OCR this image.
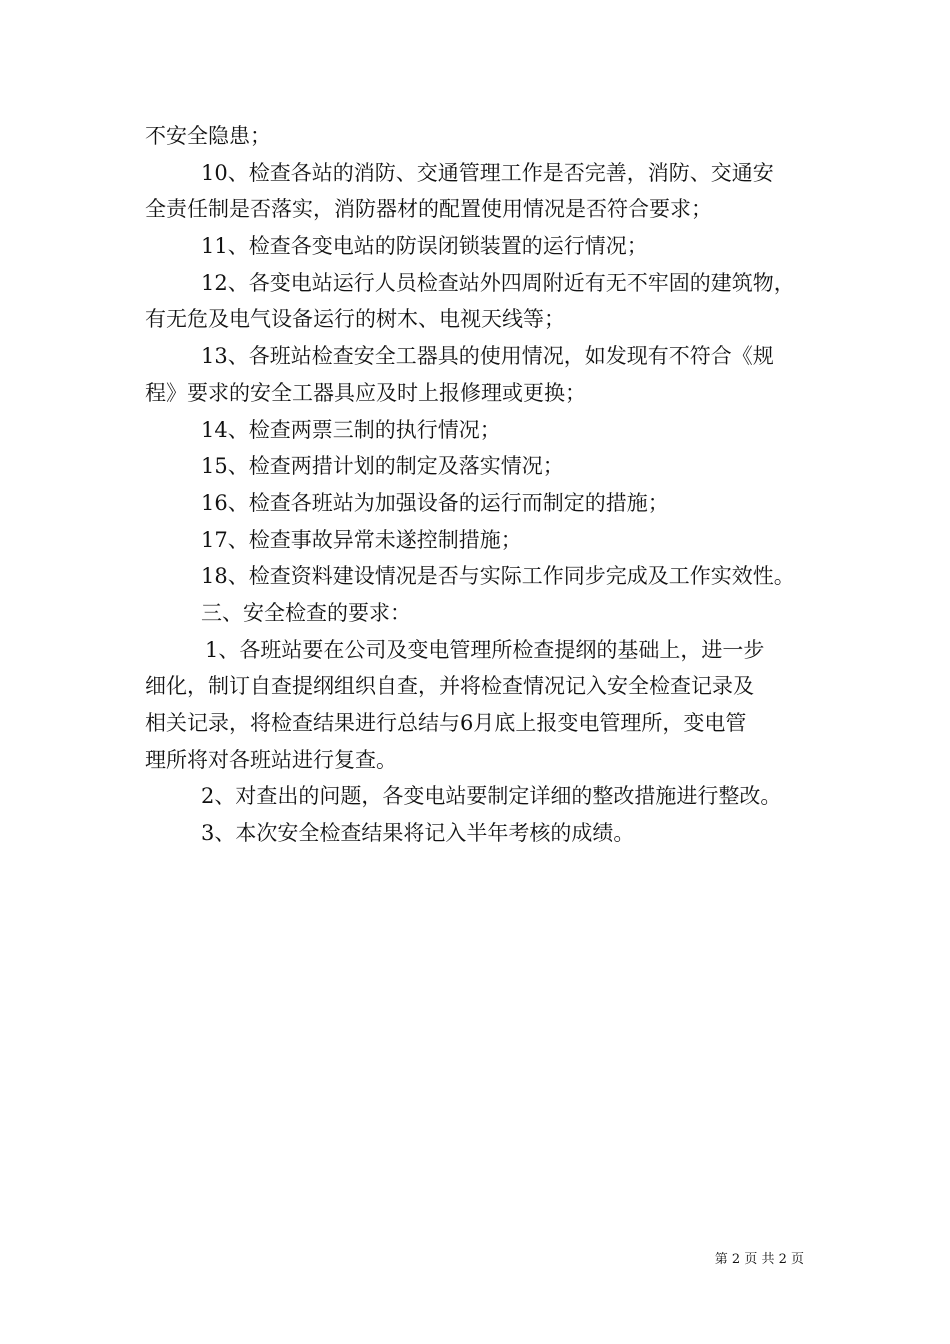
不安全隐患；
10、检查各站的消防、交通管理工作是否完善，消防、交通安
全责任制是否落实，消防器材的配置使用情况是否符合要求；
11、检查各变电站的防误闭锁装置的运行情况；
12、各变电站运行人员检查站外四周附近有无不牢固的建筑物，
有无危及电气设备运行的树木、电视天线等；
13、各班站检查安全工器具的使用情况，如发现有不符合《规
程》要求的安全工器具应及时上报修理或更换；
14、检查两票三制的执行情况；
15、检查两措计划的制定及落实情况；
16、检查各班站为加强设备的运行而制定的措施；
17、检查事故异常未遂控制措施；
18、检查资料建设情况是否与实际工作同步完成及工作实效性。
三、安全检查的要求：
1、各班站要在公司及变电管理所检查提纲的基础上，进一步
细化，制订自查提纲组织自查，并将检查情况记入安全检查记录及
相关记录，将检查结果进行总结与6月底上报变电管理所，变电管
理所将对各班站进行复查。
2、对查出的问题，各变电站要制定详细的整改措施进行整改。
3、本次安全检查结果将记入半年考核的成绩。
第 2 页 共 2 页
